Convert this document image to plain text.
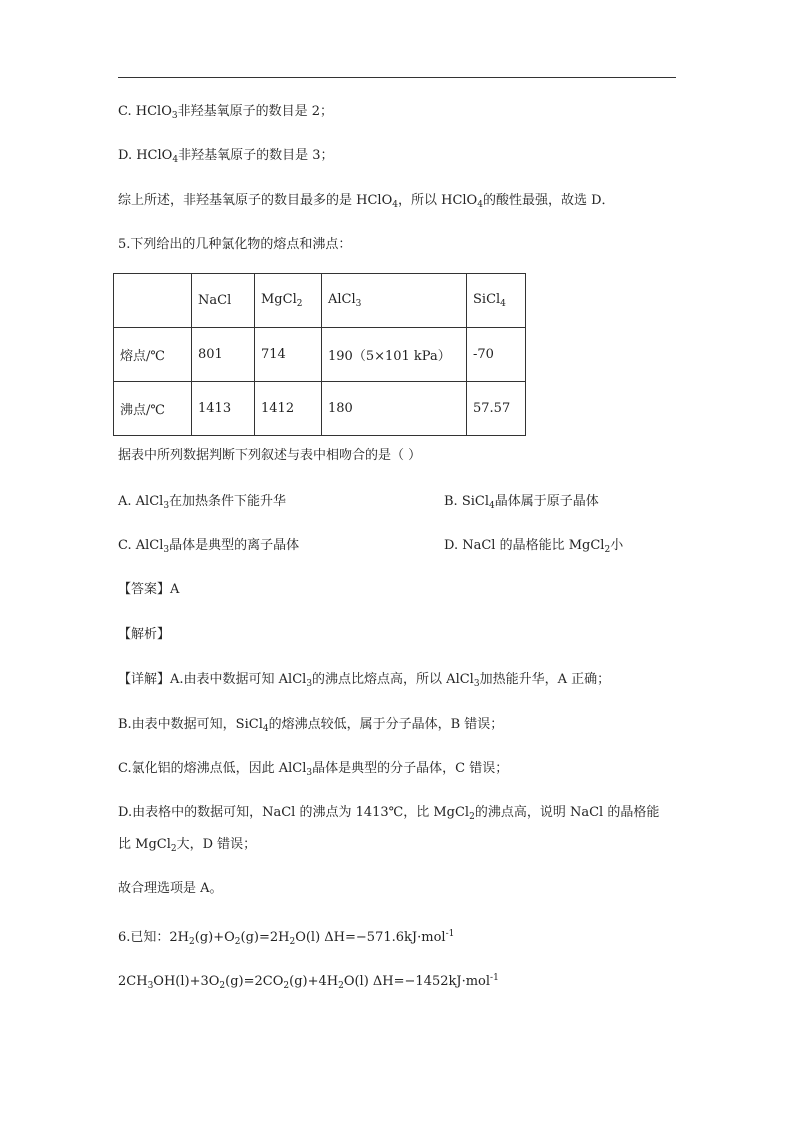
C. HClO$_3$非羟基氧原子的数目是 2；
D. HClO$_4$非羟基氧原子的数目是 3；
综上所述，非羟基氧原子的数目最多的是 HClO$_4$，所以 HClO$_4$的酸性最强，故选 D．
5.下列给出的几种氯化物的熔点和沸点：
	NaCl	MgCl$_2$	AlCl$_3$	SiCl$_4$
熔点/℃	801	714	190（5×101 kPa）	-70
沸点/℃	1413	1412	180	57.57
据表中所列数据判断下列叙述与表中相吻合的是（ ）
A. AlCl$_3$在加热条件下能升华	B. SiCl$_4$晶体属于原子晶体
C. AlCl$_3$晶体是典型的离子晶体	D. NaCl 的晶格能比 MgCl$_2$小
【答案】A
【解析】
【详解】A.由表中数据可知 AlCl$_3$的沸点比熔点高，所以 AlCl$_3$加热能升华，A 正确；
B.由表中数据可知，SiCl$_4$的熔沸点较低，属于分子晶体，B 错误；
C.氯化铝的熔沸点低，因此 AlCl$_3$晶体是典型的分子晶体，C 错误；
D.由表格中的数据可知，NaCl 的沸点为 1413℃，比 MgCl$_2$的沸点高，说明 NaCl 的晶格能
比 MgCl$_2$大，D 错误；
故合理选项是 A。
6.已知：$2H_2(g)+O_2(g)=2H_2O(l)$ ΔH=−571.6kJ·mol$^{-1}$
$2CH_3OH(l)+3O_2(g)=2CO_2(g)+4H_2O(l)$ ΔH=−1452kJ·mol$^{-1}$
